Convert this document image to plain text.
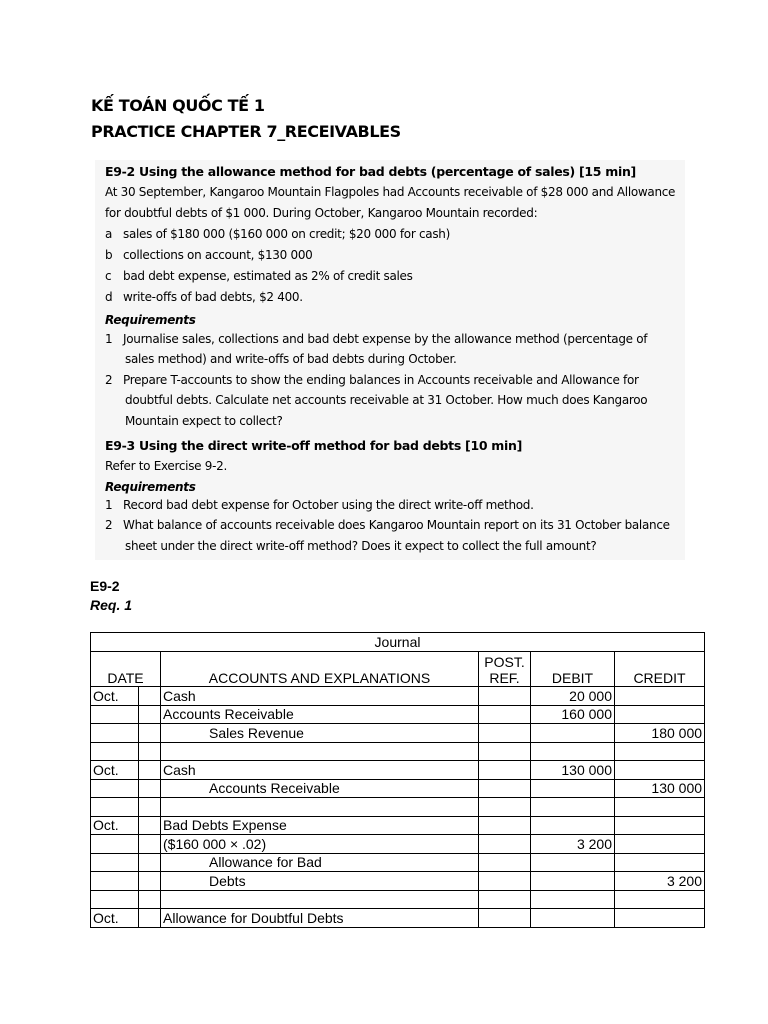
KẾ TOÁN QUỐC TẾ 1
PRACTICE CHAPTER 7_RECEIVABLES
E9-2 Using the allowance method for bad debts (percentage of sales) [15 min]
At 30 September, Kangaroo Mountain Flagpoles had Accounts receivable of $28 000 and Allowance
for doubtful debts of $1 000. During October, Kangaroo Mountain recorded:
a sales of $180 000 ($160 000 on credit; $20 000 for cash)
b collections on account, $130 000
c bad debt expense, estimated as 2% of credit sales
d write-offs of bad debts, $2 400.
Requirements
1 Journalise sales, collections and bad debt expense by the allowance method (percentage of
sales method) and write-offs of bad debts during October.
2 Prepare T-accounts to show the ending balances in Accounts receivable and Allowance for
doubtful debts. Calculate net accounts receivable at 31 October. How much does Kangaroo
Mountain expect to collect?
E9-3 Using the direct write-off method for bad debts [10 min]
Refer to Exercise 9-2.
Requirements
1 Record bad debt expense for October using the direct write-off method.
2 What balance of accounts receivable does Kangaroo Mountain report on its 31 October balance
sheet under the direct write-off method? Does it expect to collect the full amount?
E9-2
Req. 1
Journal					
DATE		ACCOUNTS AND EXPLANATIONS	POST.
REF.	DEBIT	CREDIT
Oct.		Cash		20 000	
		Accounts Receivable		160 000	
		Sales Revenue			180 000

Oct.		Cash		130 000	
		Accounts Receivable			130 000

Oct.		Bad Debts Expense			
		($160 000 × .02)		3 200	
		Allowance for Bad			
		Debts			3 200

Oct.		Allowance for Doubtful Debts			
